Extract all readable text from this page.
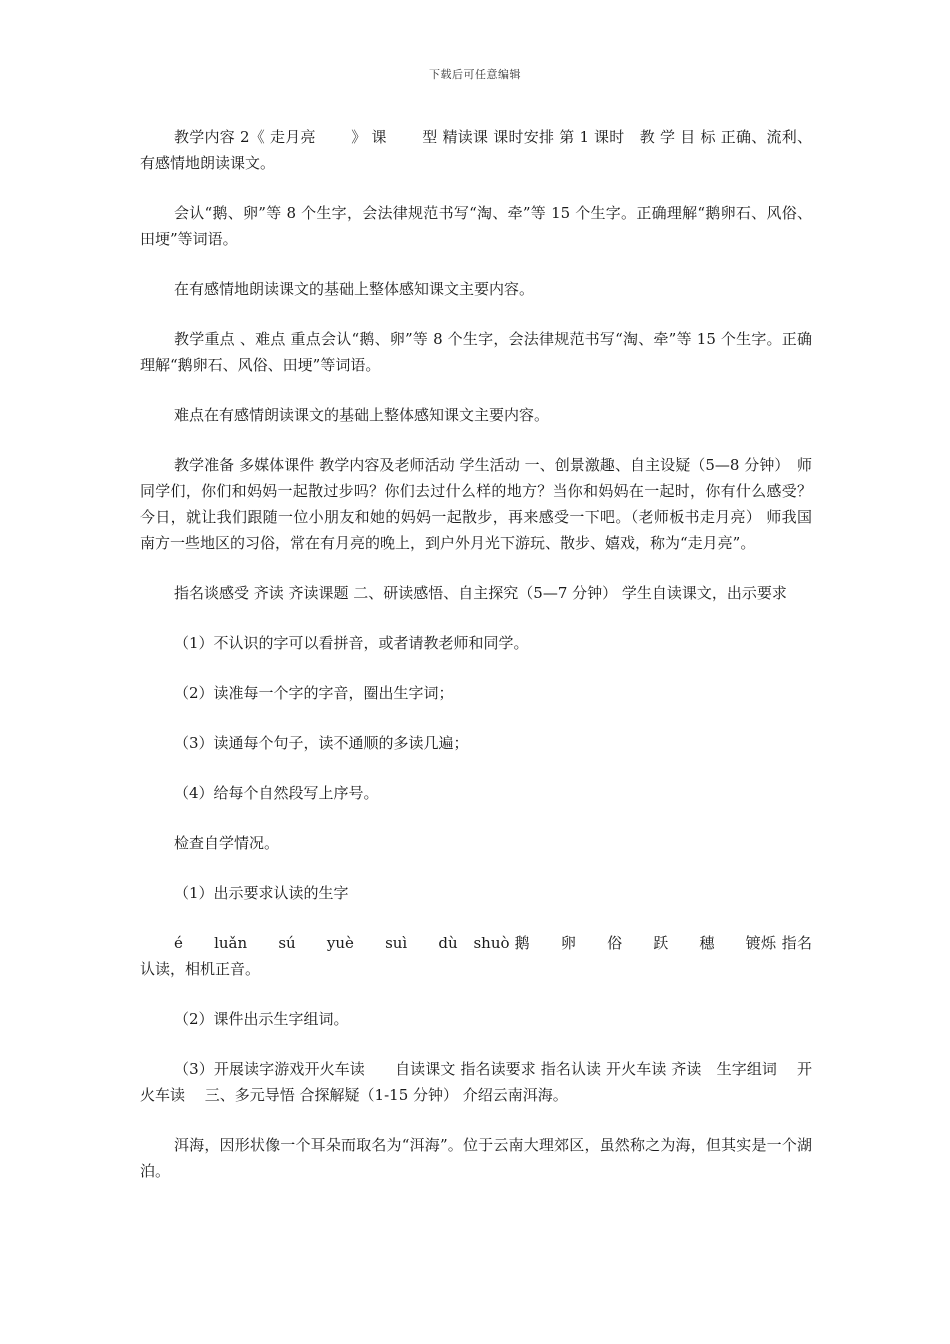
下载后可任意编辑

教学内容 2《 走月亮　　 》 课　　 型 精读课 课时安排 第 1 课时　教 学 目 标 正确、流利、有感情地朗读课文。

会认“鹅、卵”等 8 个生字，会法律规范书写“淘、牵”等 15 个生字。正确理解“鹅卵石、风俗、田埂”等词语。

在有感情地朗读课文的基础上整体感知课文主要内容。

教学重点 、难点 重点会认“鹅、卵”等 8 个生字，会法律规范书写“淘、牵”等 15 个生字。正确 理解“鹅卵石、风俗、田埂”等词语。

难点在有感情朗读课文的基础上整体感知课文主要内容。

教学准备 多媒体课件 教学内容及老师活动 学生活动 一、创景激趣、自主设疑（5—8 分钟）　师同学们，你们和妈妈一起散过步吗？你们去过什么样的地方？当你和妈妈在一起时，你有什么感受？　今日，就让我们跟随一位小朋友和她的妈妈一起散步，再来感受一下吧。（老师板书走月亮） 师我国南方一些地区的习俗，常在有月亮的晚上，到户外月光下游玩、散步、嬉戏，称为“走月亮”。

指名谈感受 齐读 齐读课题 二、研读感悟、自主探究（5—7 分钟） 学生自读课文，出示要求

（1）不认识的字可以看拼音，或者请教老师和同学。

（2）读准每一个字的字音，圈出生字词；

（3）读通每个句子，读不通顺的多读几遍；

（4）给每个自然段写上序号。

检查自学情况。

（1）出示要求认读的生字

é　　luǎn　　sú　　yuè　　suì　　dù　shuò 鹅　　卵　　俗　　跃　　穗　　镀烁 指名认读，相机正音。

（2）课件出示生字组词。

（3）开展读字游戏开火车读　　自读课文 指名读要求 指名认读 开火车读 齐读　生字组词　 开火车读　 三、多元导悟 合探解疑（1-15 分钟） 介绍云南洱海。

洱海，因形状像一个耳朵而取名为“洱海”。位于云南大理郊区，虽然称之为海，但其实是一个湖泊。
